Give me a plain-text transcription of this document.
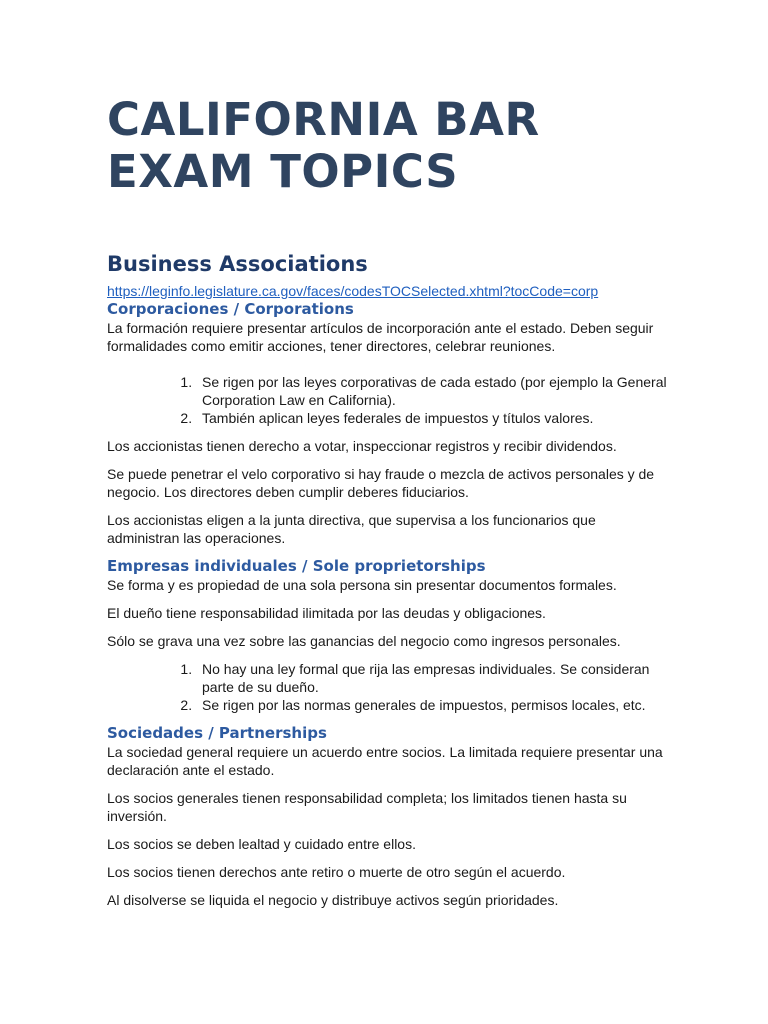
CALIFORNIA BAR
EXAM TOPICS
Business Associations
https://leginfo.legislature.ca.gov/faces/codesTOCSelected.xhtml?tocCode=corp
Corporaciones / Corporations

La formación requiere presentar artículos de incorporación ante el estado. Deben seguir formalidades como emitir acciones, tener directores, celebrar reuniones.

1. Se rigen por las leyes corporativas de cada estado (por ejemplo la General Corporation Law en California).
2. También aplican leyes federales de impuestos y títulos valores.

Los accionistas tienen derecho a votar, inspeccionar registros y recibir dividendos.

Se puede penetrar el velo corporativo si hay fraude o mezcla de activos personales y de negocio. Los directores deben cumplir deberes fiduciarios.

Los accionistas eligen a la junta directiva, que supervisa a los funcionarios que administran las operaciones.

Empresas individuales / Sole proprietorships

Se forma y es propiedad de una sola persona sin presentar documentos formales.

El dueño tiene responsabilidad ilimitada por las deudas y obligaciones.

Sólo se grava una vez sobre las ganancias del negocio como ingresos personales.

1. No hay una ley formal que rija las empresas individuales. Se consideran parte de su dueño.
2. Se rigen por las normas generales de impuestos, permisos locales, etc.
Sociedades / Partnerships

La sociedad general requiere un acuerdo entre socios. La limitada requiere presentar una declaración ante el estado.

Los socios generales tienen responsabilidad completa; los limitados tienen hasta su inversión.

Los socios se deben lealtad y cuidado entre ellos.

Los socios tienen derechos ante retiro o muerte de otro según el acuerdo.

Al disolverse se liquida el negocio y distribuye activos según prioridades.
